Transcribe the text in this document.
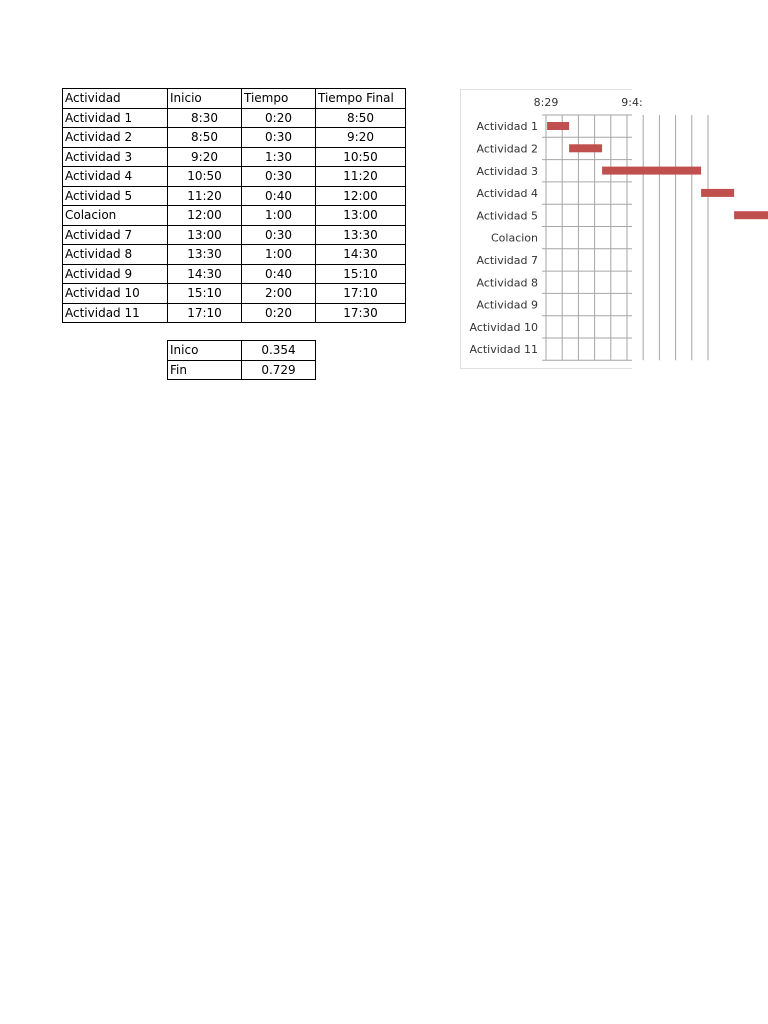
Actividad	Inicio	Tiempo	Tiempo Final
Actividad 1	8:30	0:20	8:50
Actividad 2	8:50	0:30	9:20
Actividad 3	9:20	1:30	10:50
Actividad 4	10:50	0:30	11:20
Actividad 5	11:20	0:40	12:00
Colacion	12:00	1:00	13:00
Actividad 7	13:00	0:30	13:30
Actividad 8	13:30	1:00	14:30
Actividad 9	14:30	0:40	15:10
Actividad 10	15:10	2:00	17:10
Actividad 11	17:10	0:20	17:30
Inico	0.354
Fin	0.729
Actividad 1
Actividad 2
Actividad 3
Actividad 4
Actividad 5
Colacion
Actividad 7
Actividad 8
Actividad 9
Actividad 10
Actividad 11
8:29	9:4:
